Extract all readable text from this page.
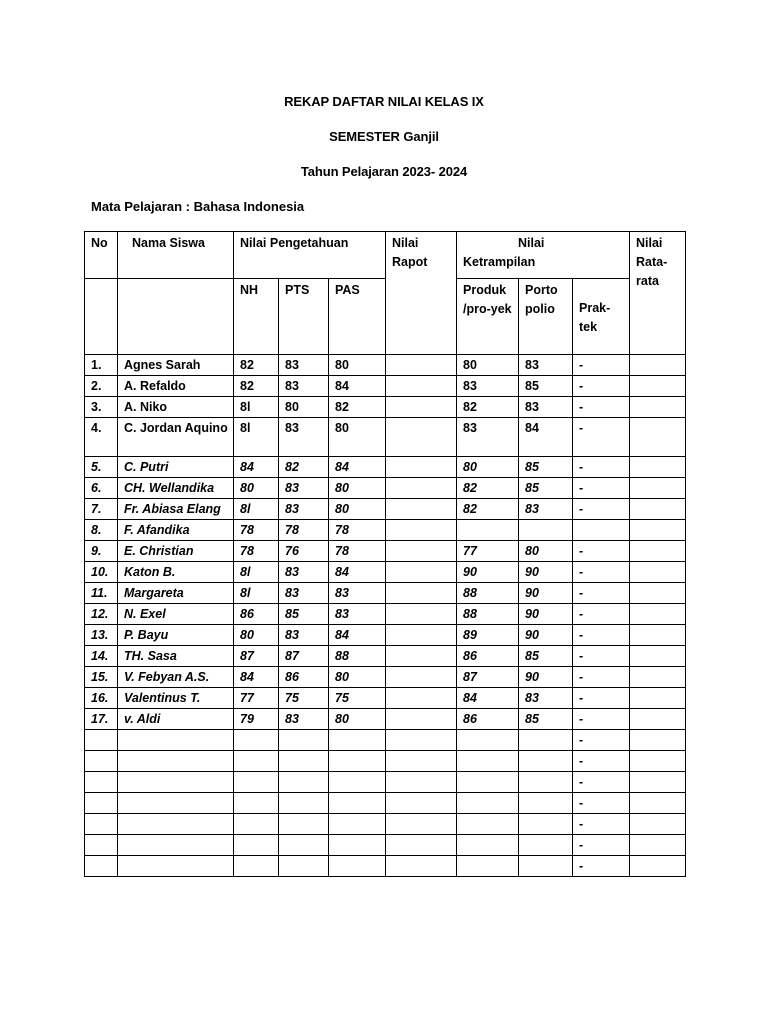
REKAP DAFTAR NILAI KELAS IX
SEMESTER Ganjil
Tahun Pelajaran 2023- 2024
Mata Pelajaran : Bahasa Indonesia
No	Nama Siswa	Nilai Pengetahuan			Nilai Rapot	Nilai Ketrampilan			Nilai Rata-rata
		NH	PTS	PAS		Produk /pro-yek	Porto polio	Prak-tek	
1.	Agnes Sarah	82	83	80		80	83	-	
2.	A. Refaldo	82	83	84		83	85	-	
3.	A. Niko	8l	80	82		82	83	-	
4.	C. Jordan Aquino	8l	83	80		83	84	-	
5.	C. Putri	84	82	84		80	85	-	
6.	CH. Wellandika	80	83	80		82	85	-	
7.	Fr. Abiasa Elang	8l	83	80		82	83	-	
8.	F. Afandika	78	78	78					
9.	E. Christian	78	76	78		77	80	-	
10.	Katon B.	8l	83	84		90	90	-	
11.	Margareta	8l	83	83		88	90	-	
12.	N. Exel	86	85	83		88	90	-	
13.	P. Bayu	80	83	84		89	90	-	
14.	TH. Sasa	87	87	88		86	85	-	
15.	V. Febyan A.S.	84	86	80		87	90	-	
16.	Valentinus T.	77	75	75		84	83	-	
17.	v. Aldi	79	83	80		86	85	-	
								-	
								-	
								-	
								-	
								-	
								-	
								-	
